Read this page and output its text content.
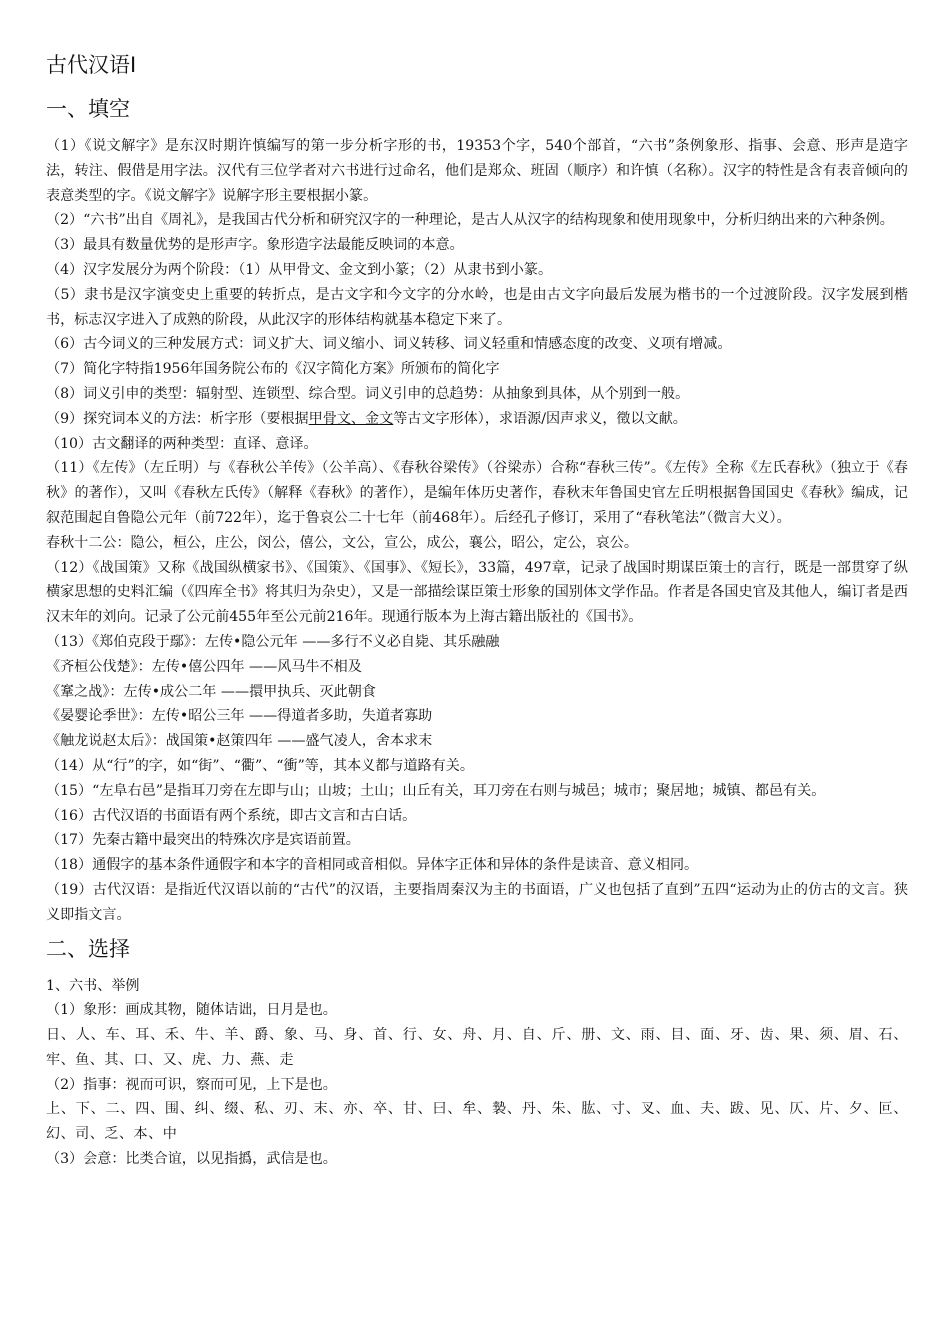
古代汉语Ⅰ
一、填空

（1）《说文解字》是东汉时期许慎编写的第一步分析字形的书，19353个字，540个部首，“六书”条例象形、指事、会意、形声是造字法，转注、假借是用字法。汉代有三位学者对六书进行过命名，他们是郑众、班固（顺序）和许慎（名称）。汉字的特性是含有表音倾向的表意类型的字。《说文解字》说解字形主要根据小篆。

（2）“六书”出自《周礼》，是我国古代分析和研究汉字的一种理论，是古人从汉字的结构现象和使用现象中，分析归纳出来的六种条例。

（3）最具有数量优势的是形声字。象形造字法最能反映词的本意。

（4）汉字发展分为两个阶段：（1）从甲骨文、金文到小篆；（2）从隶书到小篆。

（5）隶书是汉字演变史上重要的转折点，是古文字和今文字的分水岭，也是由古文字向最后发展为楷书的一个过渡阶段。汉字发展到楷书，标志汉字进入了成熟的阶段，从此汉字的形体结构就基本稳定下来了。

（6）古今词义的三种发展方式：词义扩大、词义缩小、词义转移、词义轻重和情感态度的改变、义项有增减。

（7）简化字特指1956年国务院公布的《汉字简化方案》所颁布的简化字

（8）词义引申的类型：辐射型、连锁型、综合型。词义引申的总趋势：从抽象到具体，从个别到一般。

（9）探究词本义的方法：析字形（要根据甲骨文、金文等古文字形体），求语源/因声求义，徵以文献。

（10）古文翻译的两种类型：直译、意译。

（11）《左传》（左丘明）与《春秋公羊传》（公羊高）、《春秋谷梁传》（谷梁赤）合称“春秋三传”。《左传》全称《左氏春秋》（独立于《春秋》的著作），又叫《春秋左氏传》（解释《春秋》的著作），是编年体历史著作，春秋末年鲁国史官左丘明根据鲁国国史《春秋》编成，记叙范围起自鲁隐公元年（前722年），迄于鲁哀公二十七年（前468年）。后经孔子修订，采用了“春秋笔法”（微言大义）。

春秋十二公：隐公，桓公，庄公，闵公，僖公，文公，宣公，成公，襄公，昭公，定公，哀公。

（12）《战国策》又称《战国纵横家书》、《国策》、《国事》、《短长》，33篇，497章，记录了战国时期谋臣策士的言行，既是一部贯穿了纵横家思想的史料汇编（《四库全书》将其归为杂史），又是一部描绘谋臣策士形象的国别体文学作品。作者是各国史官及其他人，编订者是西汉末年的刘向。记录了公元前455年至公元前216年。现通行版本为上海古籍出版社的《国书》。

（13）《郑伯克段于鄢》：左传•隐公元年 ——多行不义必自毙、其乐融融

《齐桓公伐楚》：左传•僖公四年 ——风马牛不相及

《鞌之战》：左传•成公二年 ——擐甲执兵、灭此朝食

《晏婴论季世》：左传•昭公三年 ——得道者多助，失道者寡助

《触龙说赵太后》：战国策•赵策四年 ——盛气凌人，舍本求末

（14）从“行”的字，如“街”、“衢”、“衝”等，其本义都与道路有关。

（15）“左阜右邑”是指耳刀旁在左即与山；山坡；土山；山丘有关，耳刀旁在右则与城邑；城市；聚居地；城镇、都邑有关。

（16）古代汉语的书面语有两个系统，即古文言和古白话。

（17）先秦古籍中最突出的特殊次序是宾语前置。

（18）通假字的基本条件通假字和本字的音相同或音相似。异体字正体和异体的条件是读音、意义相同。

（19）古代汉语：是指近代汉语以前的“古代”的汉语，主要指周秦汉为主的书面语，广义也包括了直到”五四“运动为止的仿古的文言。狭义即指文言。

二、选择

1、六书、举例

（1）象形：画成其物，随体诘诎，日月是也。

日、人、车、耳、禾、牛、羊、爵、象、马、身、首、行、女、舟、月、自、斤、册、文、雨、目、面、牙、齿、果、须、眉、石、牢、鱼、其、口、又、虎、力、燕、走

（2）指事：视而可识，察而可见，上下是也。

上、下、二、四、围、纠、缀、私、刃、末、亦、卒、甘、曰、牟、褺、丹、朱、肱、寸、叉、血、夫、跋、见、仄、片、夕、叵、幻、司、乏、本、中

（3）会意：比类合谊，以见指撝，武信是也。
